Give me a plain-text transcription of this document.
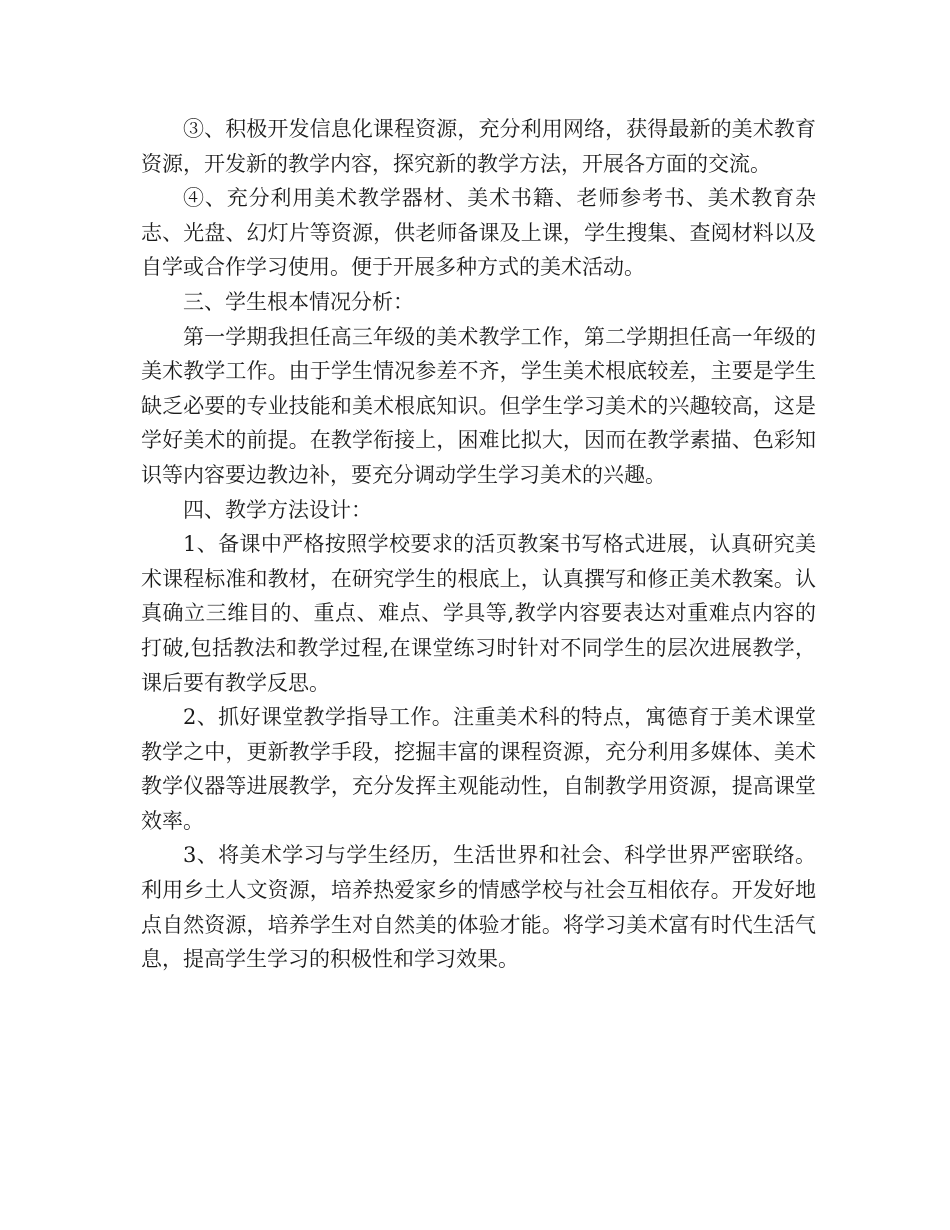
③、积极开发信息化课程资源，充分利用网络，获得最新的美术教育资源，开发新的教学内容，探究新的教学方法，开展各方面的交流。

④、充分利用美术教学器材、美术书籍、老师参考书、美术教育杂志、光盘、幻灯片等资源，供老师备课及上课，学生搜集、查阅材料以及自学或合作学习使用。便于开展多种方式的美术活动。

三、学生根本情况分析：

第一学期我担任高三年级的美术教学工作，第二学期担任高一年级的美术教学工作。由于学生情况参差不齐，学生美术根底较差，主要是学生缺乏必要的专业技能和美术根底知识。但学生学习美术的兴趣较高，这是学好美术的前提。在教学衔接上，困难比拟大，因而在教学素描、色彩知识等内容要边教边补，要充分调动学生学习美术的兴趣。

四、教学方法设计：

1、备课中严格按照学校要求的活页教案书写格式进展，认真研究美术课程标准和教材，在研究学生的根底上，认真撰写和修正美术教案。认真确立三维目的、重点、难点、学具等,教学内容要表达对重难点内容的打破,包括教法和教学过程,在课堂练习时针对不同学生的层次进展教学，课后要有教学反思。

2、抓好课堂教学指导工作。注重美术科的特点，寓德育于美术课堂教学之中，更新教学手段，挖掘丰富的课程资源，充分利用多媒体、美术教学仪器等进展教学，充分发挥主观能动性，自制教学用资源，提高课堂效率。

3、将美术学习与学生经历，生活世界和社会、科学世界严密联络。利用乡土人文资源，培养热爱家乡的情感学校与社会互相依存。开发好地点自然资源，培养学生对自然美的体验才能。将学习美术富有时代生活气息，提高学生学习的积极性和学习效果。
